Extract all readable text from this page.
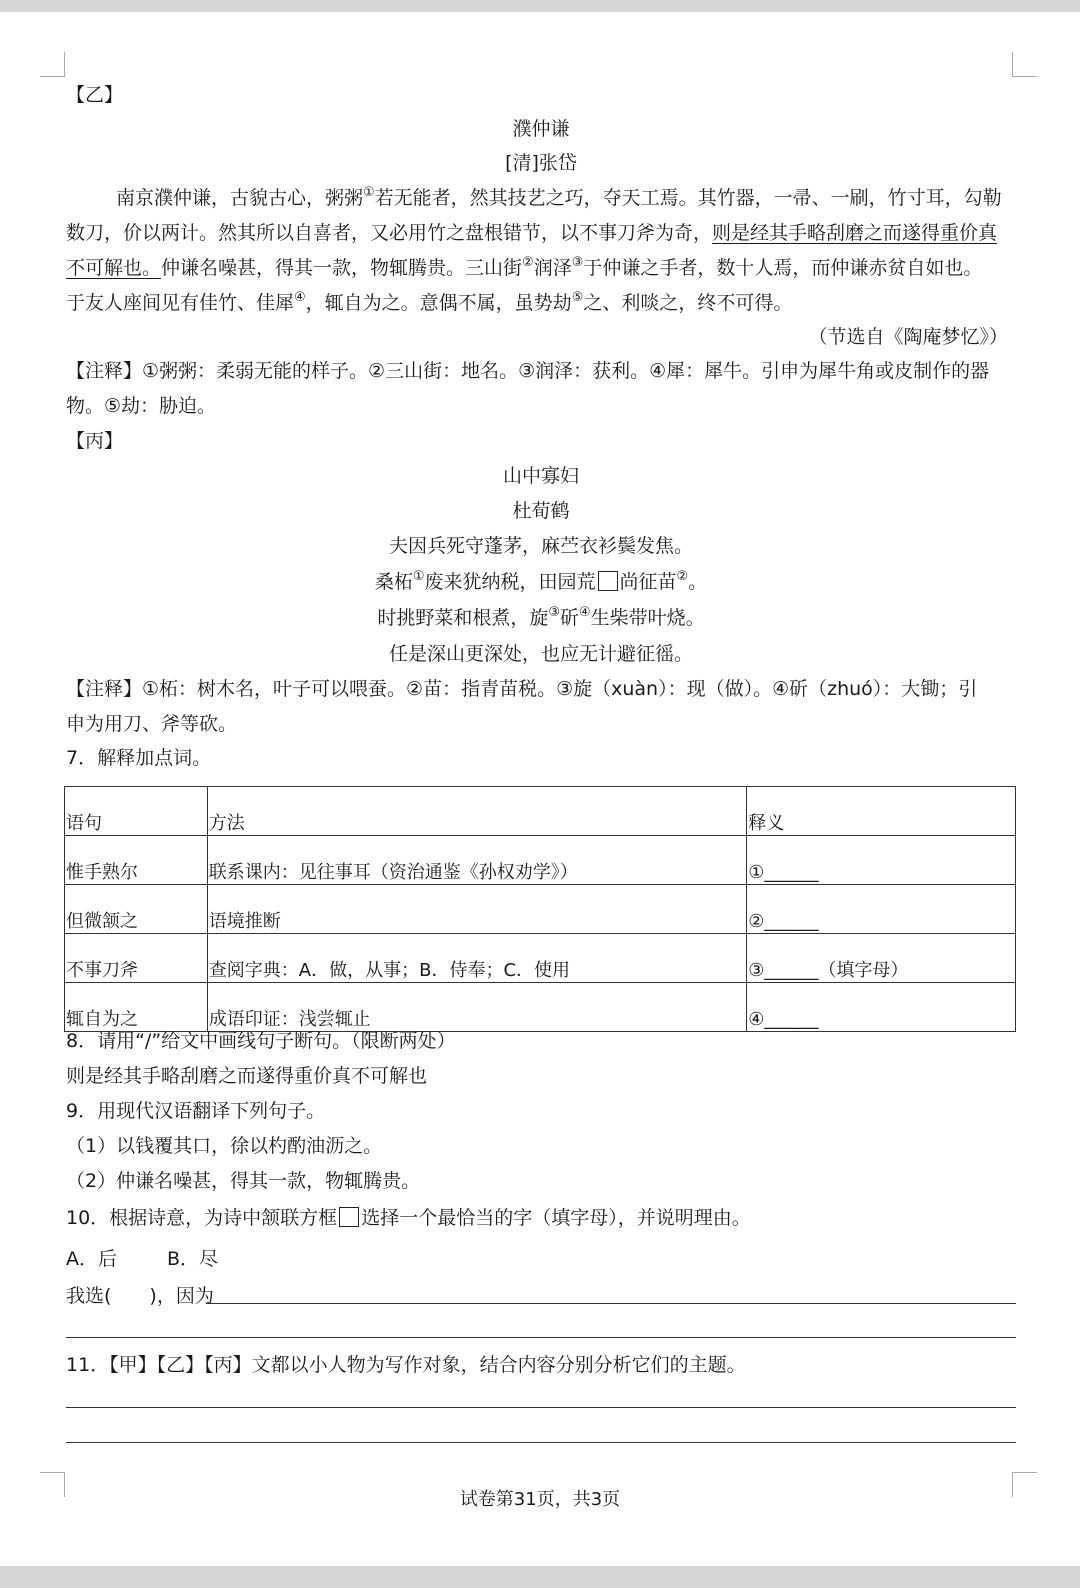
【乙】
濮仲谦
[清]张岱
南京濮仲谦，古貌古心，粥粥①若无能者，然其技艺之巧，夺天工焉。其竹器，一帚、一刷，竹寸耳，勾勒
数刀，价以两计。然其所以自喜者，又必用竹之盘根错节，以不事刀斧为奇，则是经其手略刮磨之而遂得重价真
不可解也。仲谦名噪甚，得其一款，物辄腾贵。三山街②润泽③于仲谦之手者，数十人焉，而仲谦赤贫自如也。
于友人座间见有佳竹、佳犀④，辄自为之。意偶不属，虽势劫⑤之、利啖之，终不可得。
（节选自《陶庵梦忆》）
【注释】①粥粥：柔弱无能的样子。②三山街：地名。③润泽：获利。④犀：犀牛。引申为犀牛角或皮制作的器
物。⑤劫：胁迫。
【丙】
山中寡妇
杜荀鹤
夫因兵死守蓬茅，麻苎衣衫鬓发焦。
桑柘①废来犹纳税，田园荒 尚征苗②。
时挑野菜和根煮，旋③斫④生柴带叶烧。
任是深山更深处，也应无计避征徭。
【注释】①柘：树木名，叶子可以喂蚕。②苗：指青苗税。③旋（xuàn）：现（做）。④斫（zhuó）：大锄；引
申为用刀、斧等砍。
7．解释加点词。
语句	方法	释义
惟手熟尔	联系课内：见往事耳（资治通鉴《孙权劝学》）	①______
但微颔之	语境推断	②______
不事刀斧	查阅字典：A．做，从事；B．侍奉；C．使用	③______（填字母）
辄自为之	成语印证：浅尝辄止	④______
8．请用“/”给文中画线句子断句。（限断两处）
则是经其手略刮磨之而遂得重价真不可解也
9．用现代汉语翻译下列句子。
（1）以钱覆其口，徐以杓酌油沥之。
（2）仲谦名噪甚，得其一款，物辄腾贵。
10．根据诗意，为诗中颔联方框 选择一个最恰当的字（填字母），并说明理由。
A．后	B．尽
我选(　　)，因为
11．【甲】【乙】【丙】文都以小人物为写作对象，结合内容分别分析它们的主题。
试卷第31页，共3页
